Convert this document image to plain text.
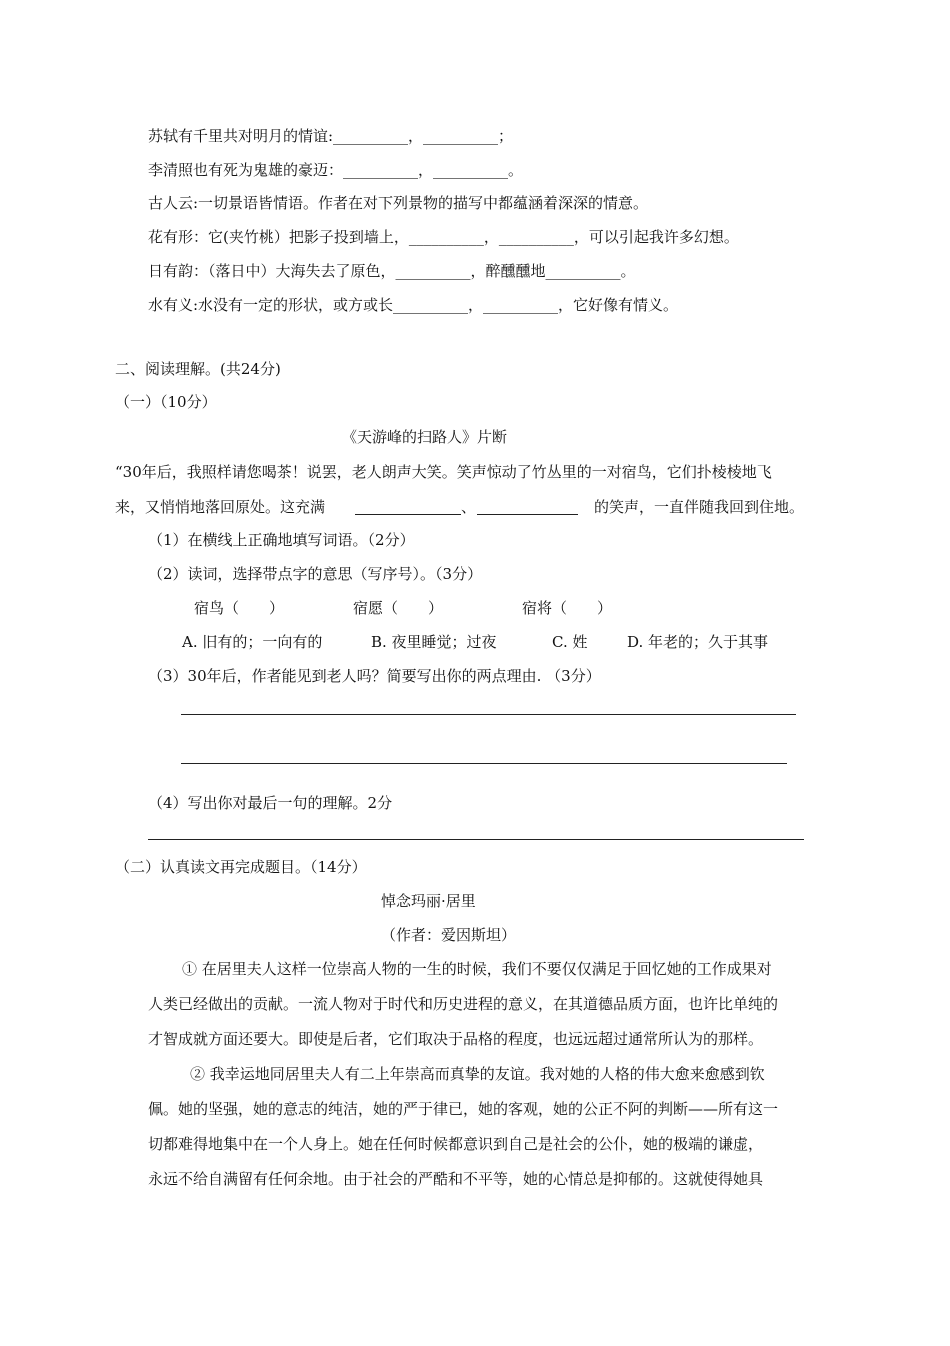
苏轼有千里共对明月的情谊:__________，__________；
李清照也有死为鬼雄的豪迈：__________，__________。
古人云:一切景语皆情语。作者在对下列景物的描写中都蕴涵着深深的情意。
花有形：它(夹竹桃）把影子投到墙上，__________，__________，可以引起我许多幻想。
日有韵：（落日中）大海失去了原色，__________，醉醺醺地__________。
水有义:水没有一定的形状，或方或长__________，__________，它好像有情义。
二、阅读理解。(共24分)
（一）（10分）
《天游峰的扫路人》片断
“30年后，我照样请您喝茶！说罢，老人朗声大笑。笑声惊动了竹丛里的一对宿鸟，它们扑棱棱地飞
来，又悄悄地落回原处。这充满	、	的笑声，一直伴随我回到住地。
（1）在横线上正确地填写词语。（2分）
（2）读词，选择带点字的意思（写序号）。（3分）
宿鸟（　　）	宿愿（　　）	宿将（　　）
A. 旧有的；一向有的	B. 夜里睡觉；过夜	C. 姓	D. 年老的；久于其事
（3）30年后，作者能见到老人吗？简要写出你的两点理由. （3分）
（4）写出你对最后一句的理解。2分
（二）认真读文再完成题目。（14分）
悼念玛丽·居里
（作者：爱因斯坦）
① 在居里夫人这样一位崇高人物的一生的时候，我们不要仅仅满足于回忆她的工作成果对
人类已经做出的贡献。一流人物对于时代和历史进程的意义，在其道德品质方面，也许比单纯的
才智成就方面还要大。即使是后者，它们取决于品格的程度，也远远超过通常所认为的那样。
② 我幸运地同居里夫人有二上年崇高而真挚的友谊。我对她的人格的伟大愈来愈感到钦
佩。她的坚强，她的意志的纯洁，她的严于律已，她的客观，她的公正不阿的判断——所有这一
切都难得地集中在一个人身上。她在任何时候都意识到自己是社会的公仆，她的极端的谦虚，
永远不给自满留有任何余地。由于社会的严酷和不平等，她的心情总是抑郁的。这就使得她具
